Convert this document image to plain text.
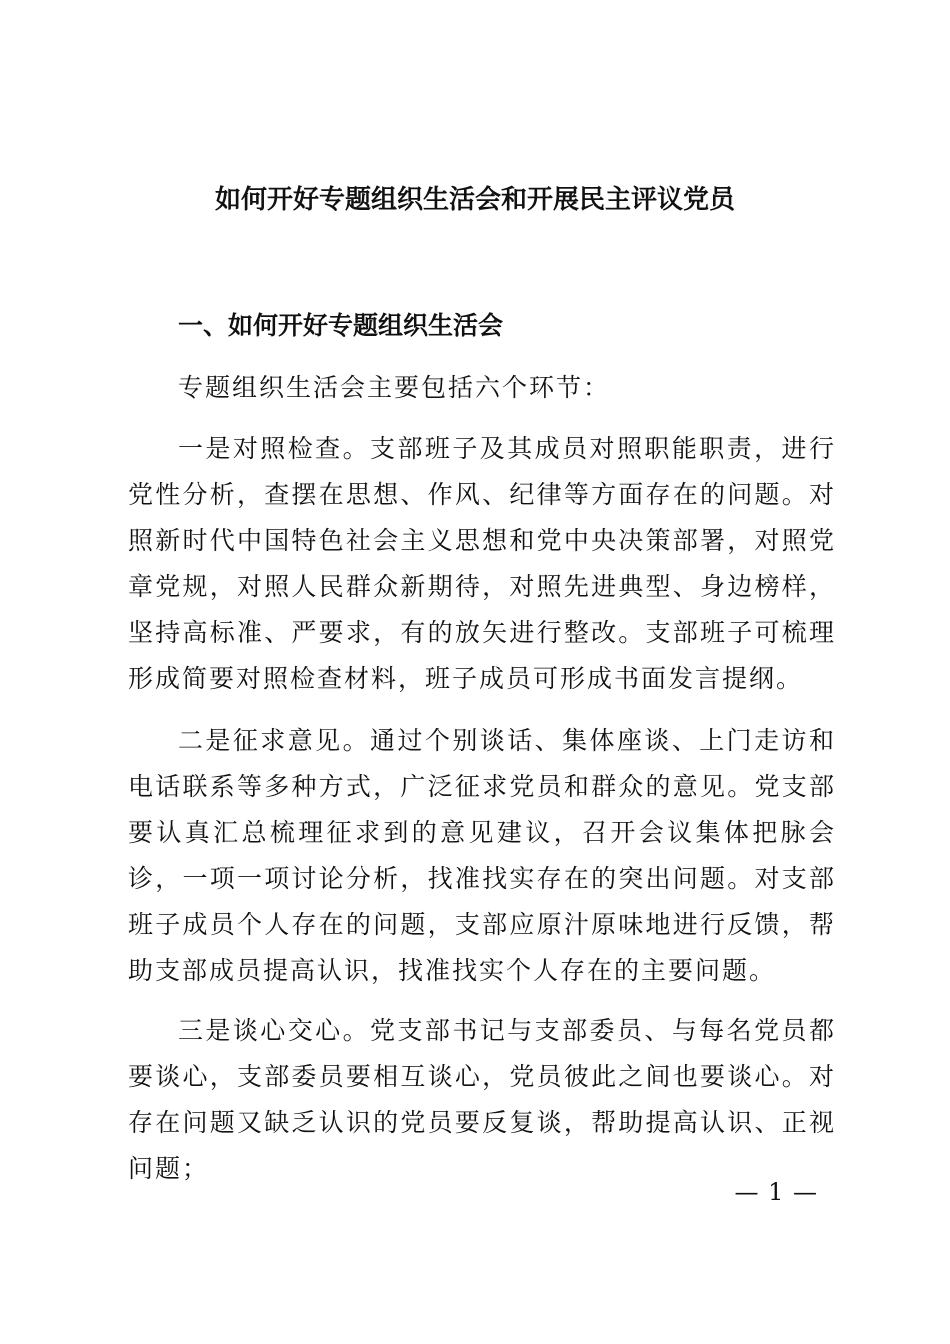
如何开好专题组织生活会和开展民主评议党员
一、如何开好专题组织生活会

专题组织生活会主要包括六个环节：

一是对照检查。支部班子及其成员对照职能职责，进行党性分析，查摆在思想、作风、纪律等方面存在的问题。对照新时代中国特色社会主义思想和党中央决策部署，对照党章党规，对照人民群众新期待，对照先进典型、身边榜样，坚持高标准、严要求，有的放矢进行整改。支部班子可梳理形成简要对照检查材料，班子成员可形成书面发言提纲。

二是征求意见。通过个别谈话、集体座谈、上门走访和电话联系等多种方式，广泛征求党员和群众的意见。党支部要认真汇总梳理征求到的意见建议，召开会议集体把脉会诊，一项一项讨论分析，找准找实存在的突出问题。对支部班子成员个人存在的问题，支部应原汁原味地进行反馈，帮助支部成员提高认识，找准找实个人存在的主要问题。

三是谈心交心。党支部书记与支部委员、与每名党员都要谈心，支部委员要相互谈心，党员彼此之间也要谈心。对存在问题又缺乏认识的党员要反复谈，帮助提高认识、正视问题；

— 1 —
